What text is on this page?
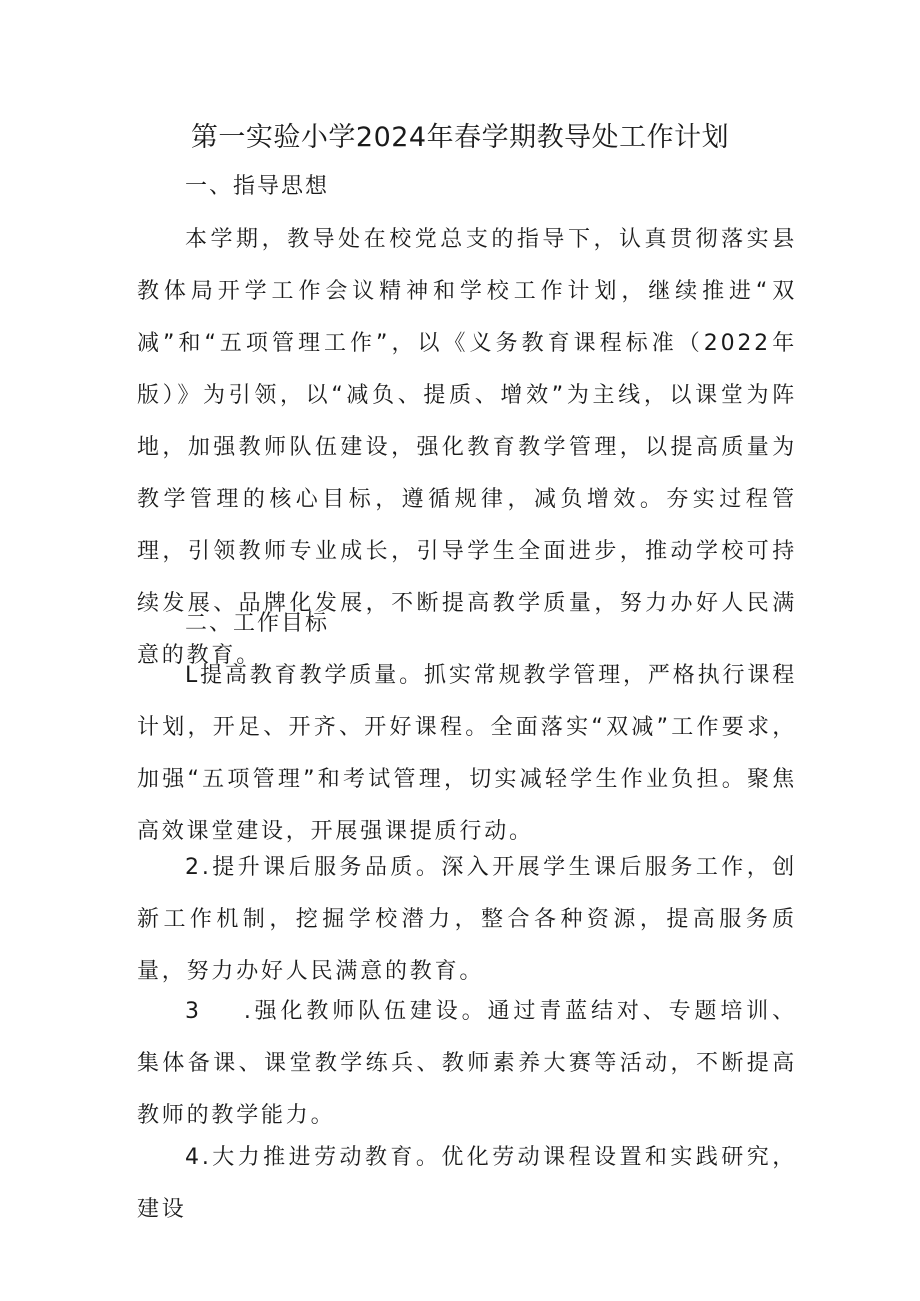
第一实验小学2024年春学期教导处工作计划
一、指导思想
本学期，教导处在校党总支的指导下，认真贯彻落实县教体局开学工作会议精神和学校工作计划，继续推进“双减”和“五项管理工作”，以《义务教育课程标准（2022年版）》为引领，以“减负、提质、增效”为主线，以课堂为阵地，加强教师队伍建设，强化教育教学管理，以提高质量为教学管理的核心目标，遵循规律，减负增效。夯实过程管理，引领教师专业成长，引导学生全面进步，推动学校可持续发展、品牌化发展，不断提高教学质量，努力办好人民满意的教育。
二、工作目标
L提高教育教学质量。抓实常规教学管理，严格执行课程计划，开足、开齐、开好课程。全面落实“双减”工作要求，加强“五项管理”和考试管理，切实减轻学生作业负担。聚焦高效课堂建设，开展强课提质行动。
2.提升课后服务品质。深入开展学生课后服务工作，创新工作机制，挖掘学校潜力，整合各种资源，提高服务质量，努力办好人民满意的教育。
3 .强化教师队伍建设。通过青蓝结对、专题培训、集体备课、课堂教学练兵、教师素养大赛等活动，不断提高教师的教学能力。
4.大力推进劳动教育。优化劳动课程设置和实践研究，建设
